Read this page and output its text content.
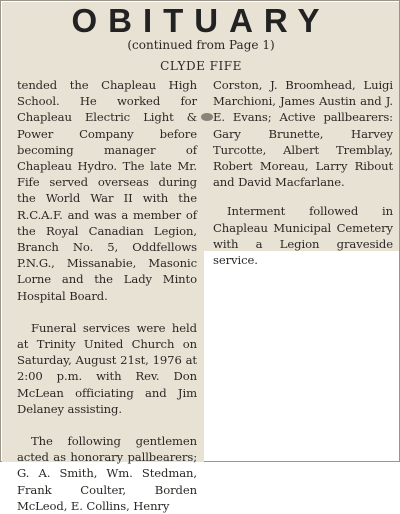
OBITUARY
(continued from Page 1)
CLYDE FIFE

tended the Chapleau High School. He worked for Chapleau Electric Light & Power Company before becoming manager of Chapleau Hydro. The late Mr. Fife served overseas during the World War II with the R.C.A.F. and was a member of the Royal Canadian Legion, Branch No. 5, Oddfellows P.N.G., Missanabie, Masonic Lorne and the Lady Minto Hospital Board.

Funeral services were held at Trinity United Church on Saturday, August 21st, 1976 at 2:00 p.m. with Rev. Don McLean officiating and Jim Delaney assisting.

The following gentlemen acted as honorary pallbearers; G. A. Smith, Wm. Stedman, Frank Coulter, Borden McLeod, E. Collins, Henry

Corston, J. Broomhead, Luigi Marchioni, James Austin and J. E. Evans; Active pallbearers: Gary Brunette, Harvey Turcotte, Albert Tremblay, Robert Moreau, Larry Ribout and David Macfarlane.

Interment followed in Chapleau Municipal Cemetery with a Legion graveside service.
